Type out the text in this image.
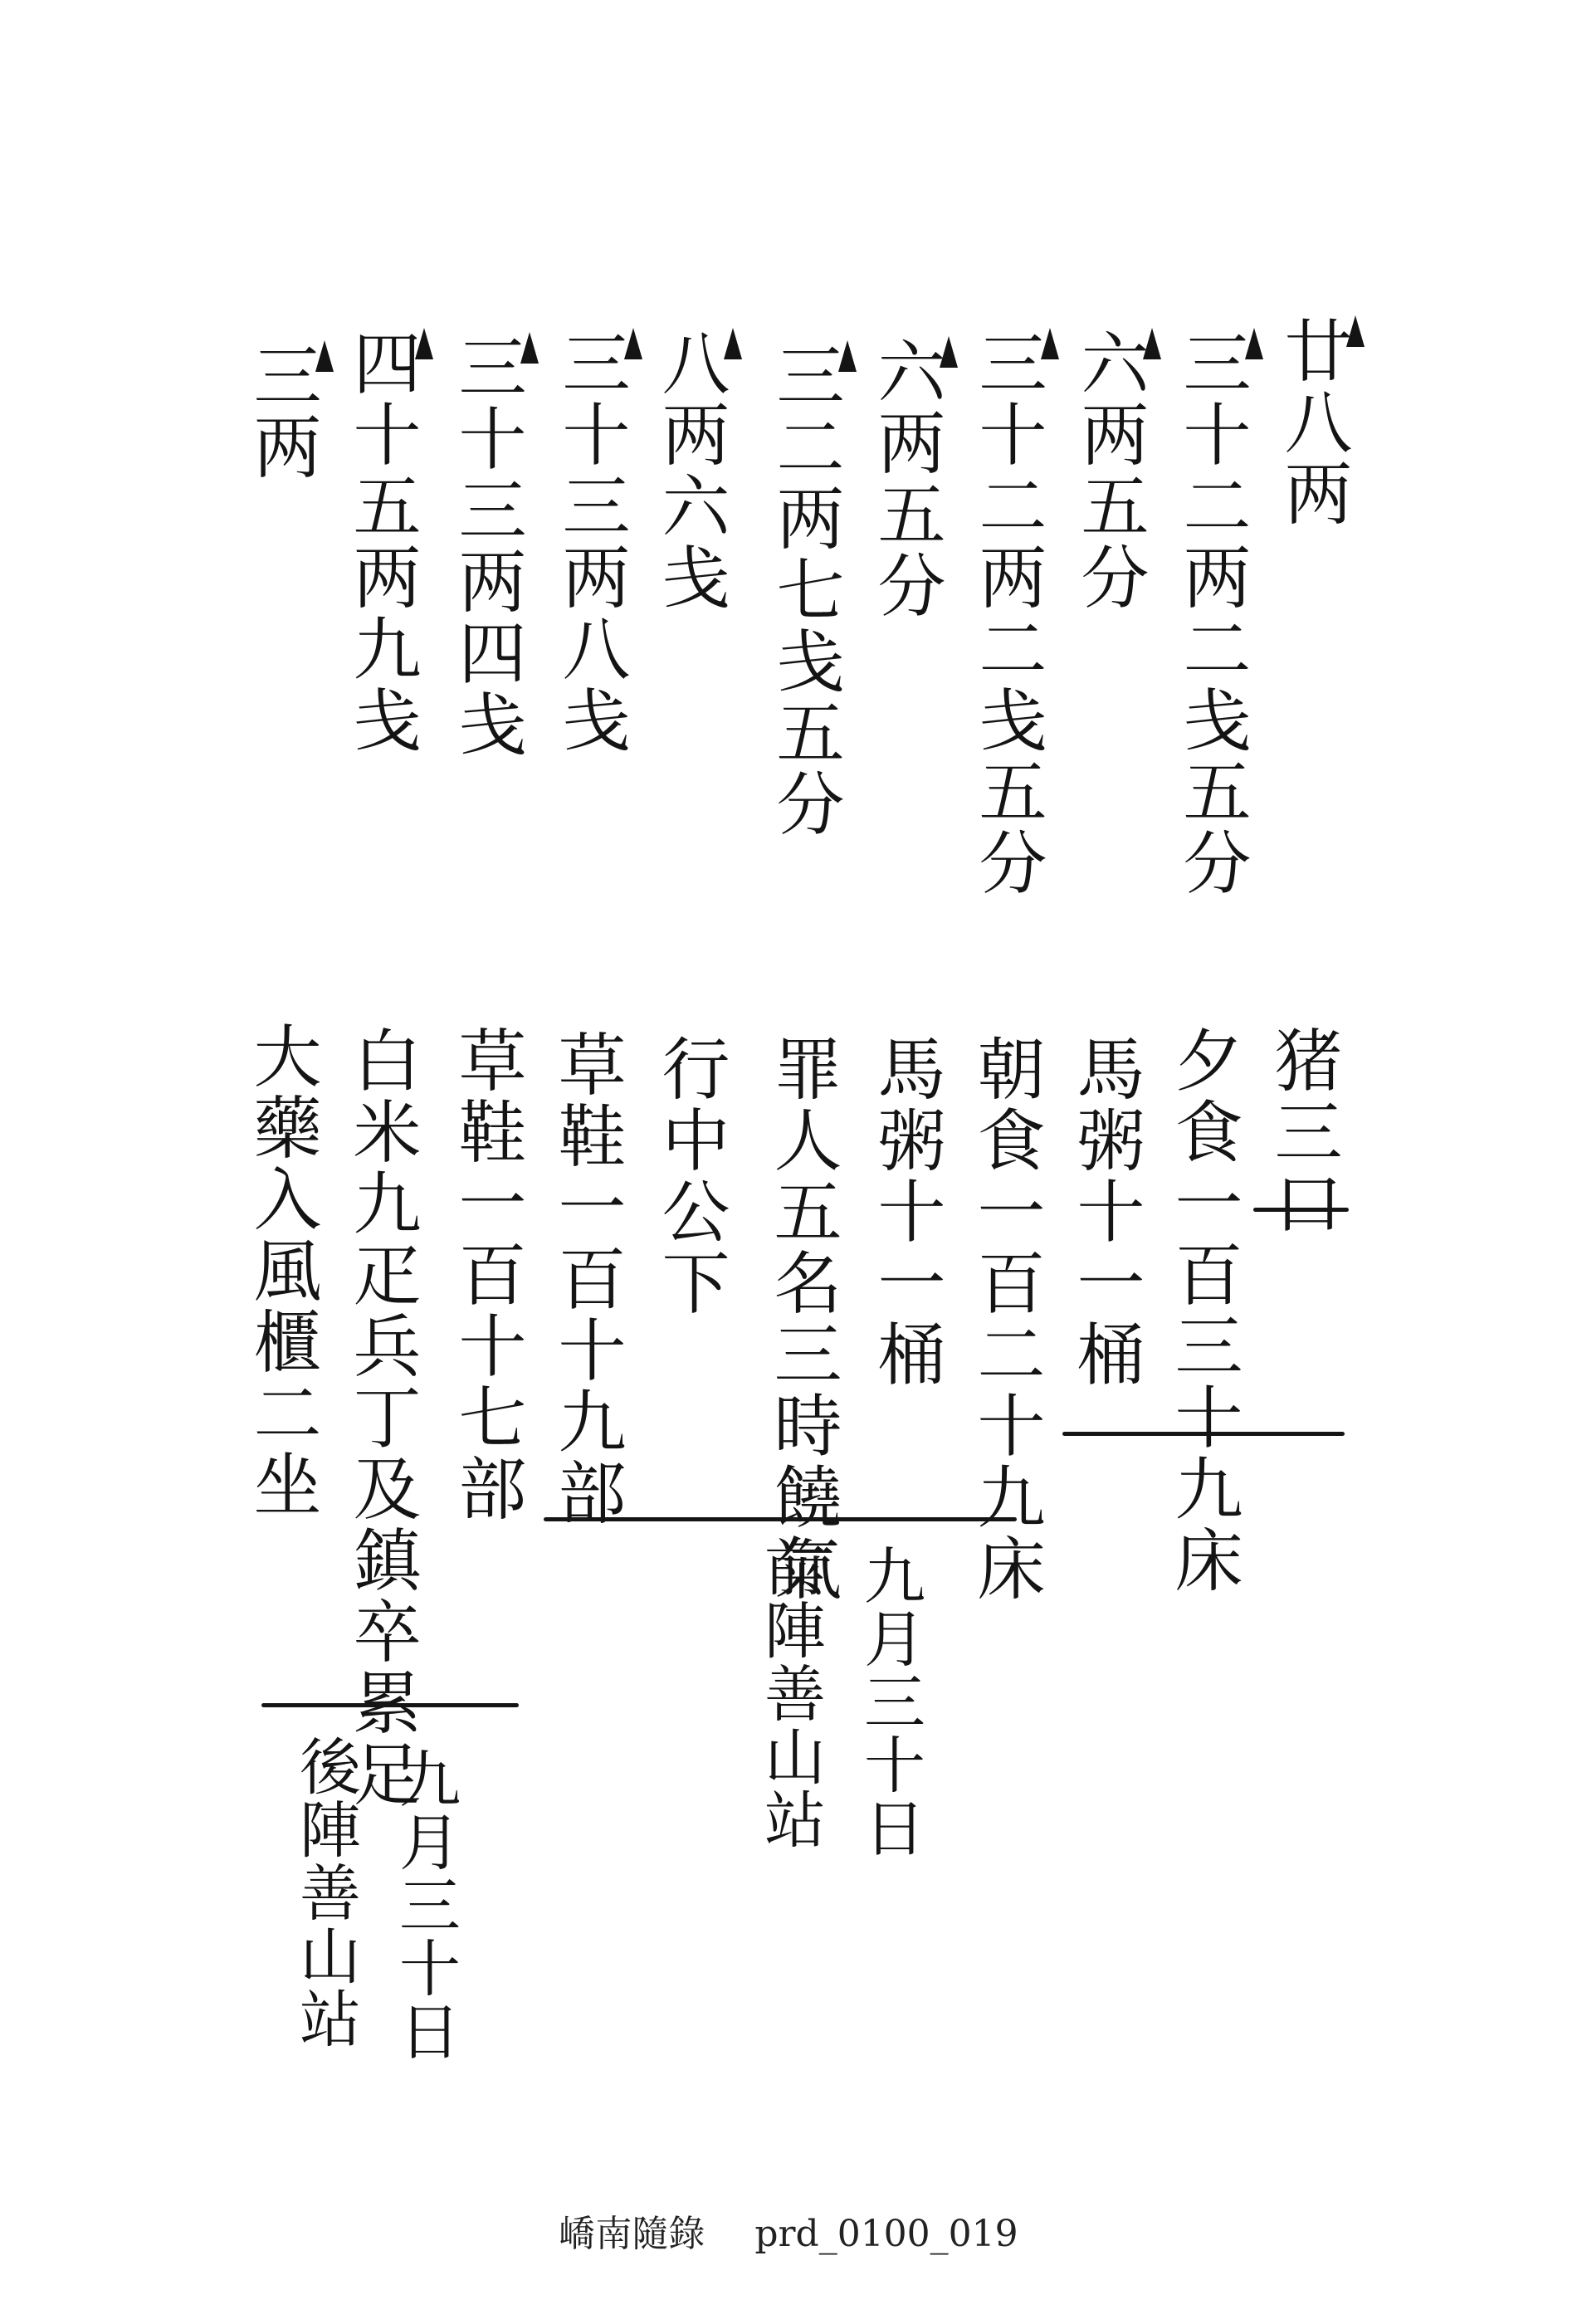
廿八两
三十二两二戋五分
六两五分
三十二两二戋五分
六两五分
三二两七戋五分
八两六戋
三十三两八戋
三十三两四戋
四十五两九戋
三两
猪三口
夕食一百三十九床
馬粥十一桶
朝食一百二十九床
馬粥十一桶
罪人五名三時饒氣
行中公下
草鞋一百十九部
草鞋一百十七部
白米九疋兵丁及鎮卒累足
大藥入風櫃二坐
九月三十日
前陣善山站
九月三十日
後陣善山站
嶠南隨錄 prd_0100_019
